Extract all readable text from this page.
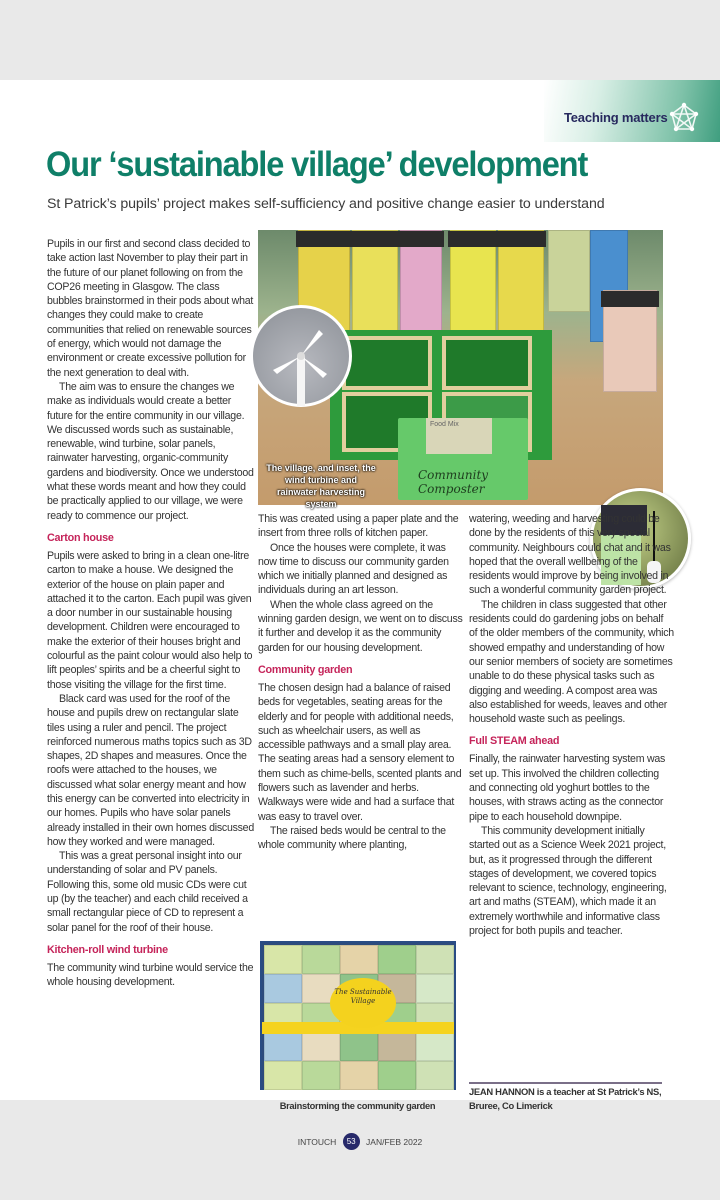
Teaching matters
Our ‘sustainable village’ development
St Patrick’s pupils’ project makes self-sufficiency and positive change easier to understand

Pupils in our first and second class decided to take action last November to play their part in the future of our planet following on from the COP26 meeting in Glasgow. The class bubbles brainstormed in their pods about what changes they could make to create communities that relied on renewable sources of energy, which would not damage the environment or create excessive pollution for the next generation to deal with.

The aim was to ensure the changes we make as individuals would create a better future for the entire community in our village. We discussed words such as sustainable, renewable, wind turbine, solar panels, rainwater harvesting, organic-community gardens and biodiversity. Once we understood what these words meant and how they could be practically applied to our village, we were ready to commence our project.

Carton house

Pupils were asked to bring in a clean one-litre carton to make a house. We designed the exterior of the house on plain paper and attached it to the carton. Each pupil was given a door number in our sustainable housing development. Children were encouraged to make the exterior of their houses bright and colourful as the paint colour would also help to lift peoples’ spirits and be a cheerful sight to those visiting the village for the first time.

Black card was used for the roof of the house and pupils drew on rectangular slate tiles using a ruler and pencil. The project reinforced numerous maths topics such as 3D shapes, 2D shapes and measures. Once the roofs were attached to the houses, we discussed what solar energy meant and how this energy can be converted into electricity in our homes. Pupils who have solar panels already installed in their own homes discussed how they worked and were managed.

This was a great personal insight into our understanding of solar and PV panels. Following this, some old music CDs were cut up (by the teacher) and each child received a small rectangular piece of CD to represent a solar panel for the roof of their house.

Kitchen-roll wind turbine

The community wind turbine would service the whole housing development.

Food Mix
Community Composter
The village, and inset, the wind turbine and rainwater harvesting system

This was created using a paper plate and the insert from three rolls of kitchen paper.

Once the houses were complete, it was now time to discuss our community garden which we initially planned and designed as individuals during an art lesson.

When the whole class agreed on the winning garden design, we went on to discuss it further and develop it as the community garden for our housing development.

Community garden

The chosen design had a balance of raised beds for vegetables, seating areas for the elderly and for people with additional needs, such as wheelchair users, as well as accessible pathways and a small play area. The seating areas had a sensory element to them such as chime-bells, scented plants and flowers such as lavender and herbs. Walkways were wide and had a surface that was easy to travel over.

The raised beds would be central to the whole community where planting,

The Sustainable Village
Brainstorming the community garden

watering, weeding and harvesting could be done by the residents of this very special community. Neighbours could chat and it was hoped that the overall wellbeing of the residents would improve by being involved in such a wonderful community garden project.

The children in class suggested that other residents could do gardening jobs on behalf of the older members of the community, which showed empathy and understanding of how our senior members of society are sometimes unable to do these physical tasks such as digging and weeding. A compost area was also established for weeds, leaves and other household waste such as peelings.

Full STEAM ahead

Finally, the rainwater harvesting system was set up. This involved the children collecting and connecting old yoghurt bottles to the houses, with straws acting as the connector pipe to each household downpipe.

This community development initially started out as a Science Week 2021 project, but, as it progressed through the different stages of development, we covered topics relevant to science, technology, engineering, art and maths (STEAM), which made it an extremely worthwhile and informative class project for both pupils and teacher.

JEAN HANNON is a teacher at St Patrick’s NS,
Bruree, Co Limerick
INTOUCH 53 JAN/FEB 2022
